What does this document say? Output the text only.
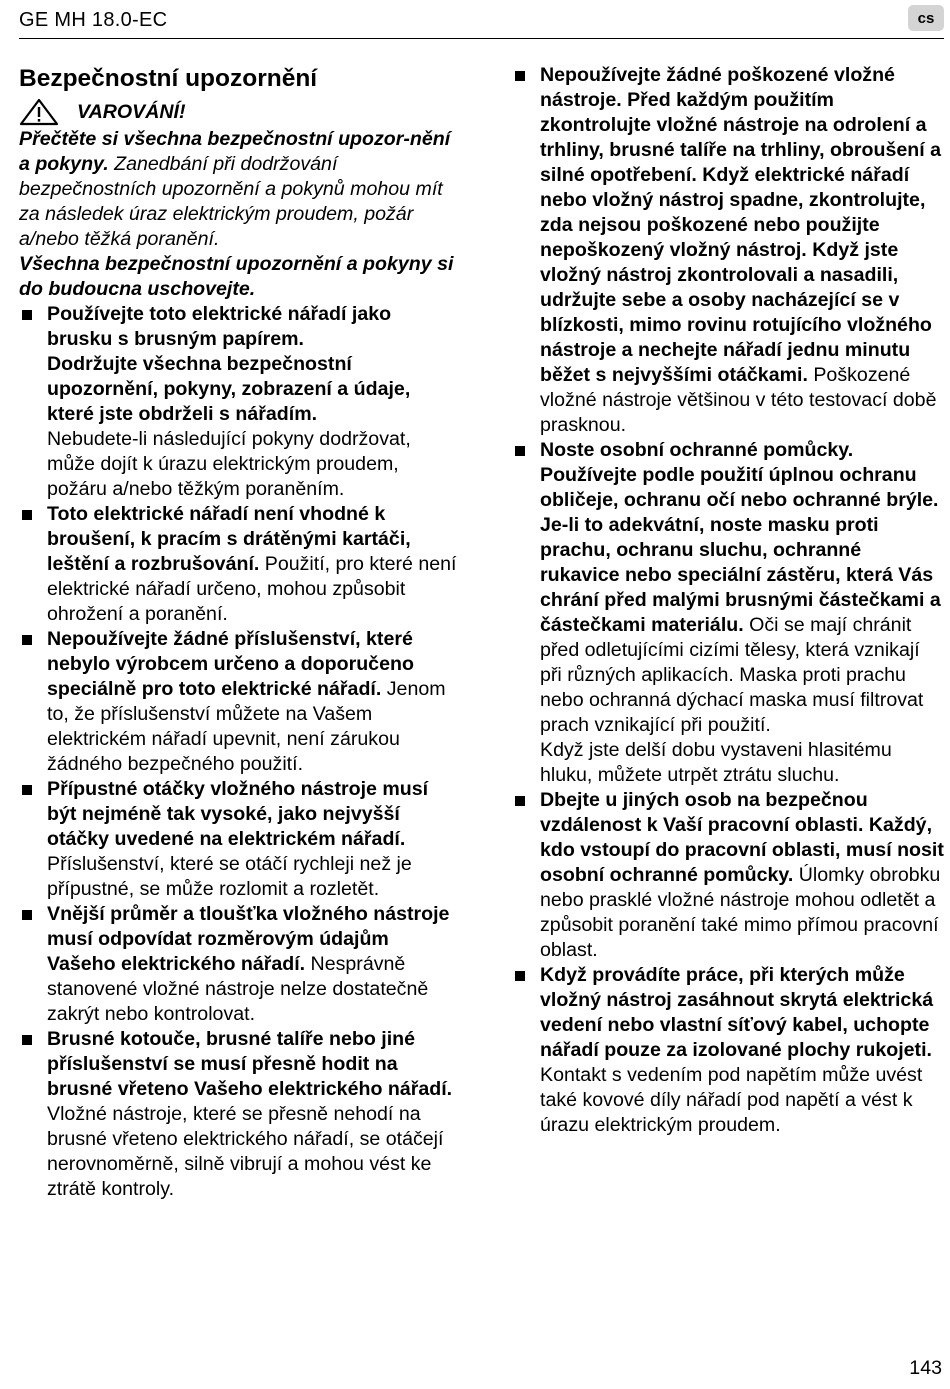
GE MH 18.0-EC	cs
Bezpečnostní upozornění
VAROVÁNÍ!

Přečtěte si všechna bezpečnostní upozor-nění a pokyny. Zanedbání při dodržování bezpečnostních upozornění a pokynů mohou mít za následek úraz elektrickým proudem, požár a/nebo těžká poranění.
Všechna bezpečnostní upozornění a pokyny si do budoucna uschovejte.

Používejte toto elektrické nářadí jako brusku s brusným papírem.
Dodržujte všechna bezpečnostní upozornění, pokyny, zobrazení a údaje, které jste obdrželi s nářadím.
Nebudete-li následující pokyny dodržovat, může dojít k úrazu elektrickým proudem, požáru a/nebo těžkým poraněním.
Toto elektrické nářadí není vhodné k broušení, k pracím s drátěnými kartáči, leštění a rozbrušování. Použití, pro které není elektrické nářadí určeno, mohou způsobit ohrožení a poranění.
Nepoužívejte žádné příslušenství, které nebylo výrobcem určeno a doporučeno speciálně pro toto elektrické nářadí. Jenom to, že příslušenství můžete na Vašem elektrickém nářadí upevnit, není zárukou žádného bezpečného použití.
Přípustné otáčky vložného nástroje musí být nejméně tak vysoké, jako nejvyšší otáčky uvedené na elektrickém nářadí. Příslušenství, které se otáčí rychleji než je přípustné, se může rozlomit a rozletět.
Vnější průměr a tloušťka vložného nástroje musí odpovídat rozměrovým údajům Vašeho elektrického nářadí. Nesprávně stanovené vložné nástroje nelze dostatečně zakrýt nebo kontrolovat.
Brusné kotouče, brusné talíře nebo jiné příslušenství se musí přesně hodit na brusné vřeteno Vašeho elektrického nářadí. Vložné nástroje, které se přesně nehodí na brusné vřeteno elektrického nářadí, se otáčejí nerovnoměrně, silně vibrují a mohou vést ke ztrátě kontroly.
Nepoužívejte žádné poškozené vložné nástroje. Před každým použitím zkontrolujte vložné nástroje na odrolení a trhliny, brusné talíře na trhliny, obroušení a silné opotřebení. Když elektrické nářadí nebo vložný nástroj spadne, zkontrolujte, zda nejsou poškozené nebo použijte nepoškozený vložný nástroj. Když jste vložný nástroj zkontrolovali a nasadili, udržujte sebe a osoby nacházející se v blízkosti, mimo rovinu rotujícího vložného nástroje a nechejte nářadí jednu minutu běžet s nejvyššími otáčkami. Poškozené vložné nástroje většinou v této testovací době prasknou.
Noste osobní ochranné pomůcky. Používejte podle použití úplnou ochranu obličeje, ochranu očí nebo ochranné brýle. Je-li to adekvátní, noste masku proti prachu, ochranu sluchu, ochranné rukavice nebo speciální zástěru, která Vás chrání před malými brusnými částečkami a částečkami materiálu. Oči se mají chránit před odletujícími cizími tělesy, která vznikají při různých aplikacích. Maska proti prachu nebo ochranná dýchací maska musí filtrovat prach vznikající při použití.
Když jste delší dobu vystaveni hlasitému hluku, můžete utrpět ztrátu sluchu.
Dbejte u jiných osob na bezpečnou vzdálenost k Vaší pracovní oblasti. Každý, kdo vstoupí do pracovní oblasti, musí nosit osobní ochranné pomůcky. Úlomky obrobku nebo prasklé vložné nástroje mohou odletět a způsobit poranění také mimo přímou pracovní oblast.
Když provádíte práce, při kterých může vložný nástroj zasáhnout skrytá elektrická vedení nebo vlastní síťový kabel, uchopte nářadí pouze za izolované plochy rukojeti. Kontakt s vedením pod napětím může uvést také kovové díly nářadí pod napětí a vést k úrazu elektrickým proudem.
143
